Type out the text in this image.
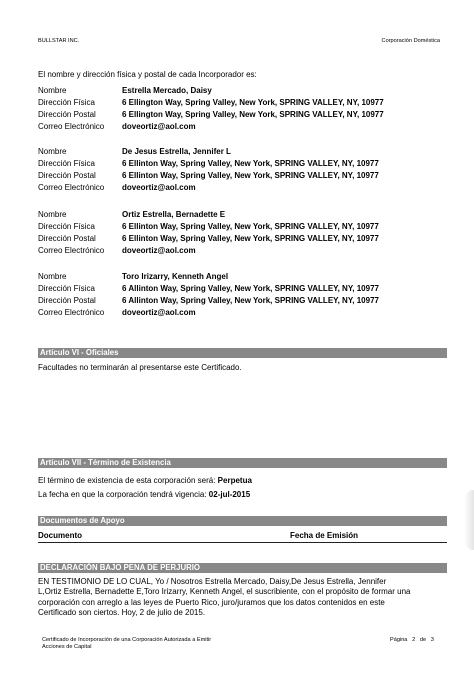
BULLSTAR INC.	Corporación Doméstica
El nombre y dirección física y postal de cada Incorporador es:
Nombre	Estrella Mercado, Daisy
Dirección Física	6 Ellington Way, Spring Valley, New York, SPRING VALLEY, NY, 10977
Dirección Postal	6 Ellington Way, Spring Valley, New York, SPRING VALLEY, NY, 10977
Correo Electrónico doveortiz@aol.com
Nombre	De Jesus Estrella, Jennifer L
Dirección Física	6 Ellinton Way, Spring Valley, New York, SPRING VALLEY, NY, 10977
Dirección Postal	6 Ellinton Way, Spring Valley, New York, SPRING VALLEY, NY, 10977
Correo Electrónico doveortiz@aol.com
Nombre	Ortiz Estrella, Bernadette E
Dirección Física	6 Ellinton Way, Spring Valley, New York, SPRING VALLEY, NY, 10977
Dirección Postal	6 Ellinton Way, Spring Valley, New York, SPRING VALLEY, NY, 10977
Correo Electrónico doveortiz@aol.com
Nombre	Toro Irizarry, Kenneth Angel
Dirección Física	6 Allinton Way, Spring Valley, New York, SPRING VALLEY, NY, 10977
Dirección Postal	6 Allinton Way, Spring Valley, New York, SPRING VALLEY, NY, 10977
Correo Electrónico doveortiz@aol.com
Artículo VI - Oficiales
Facultades no terminarán al presentarse este Certificado.
Artículo VII - Término de Existencia
El término de existencia de esta corporación será: Perpetua
La fecha en que la corporación tendrá vigencia: 02-jul-2015
Documentos de Apoyo
Documento	Fecha de Emisión
DECLARACIÓN BAJO PENA DE PERJURIO
EN TESTIMONIO DE LO CUAL, Yo / Nosotros Estrella Mercado, Daisy,De Jesus Estrella, Jennifer
L,Ortiz Estrella, Bernadette E,Toro Irizarry, Kenneth Angel, el suscribiente, con el propósito de formar una
corporación con arreglo a las leyes de Puerto Rico, juro/juramos que los datos contenidos en este
Certificado son ciertos. Hoy, 2 de julio de 2015.
Certificado de Incorporación de una Corporación Autorizada a Emitir
Acciones de Capital
Página 2 de 3
